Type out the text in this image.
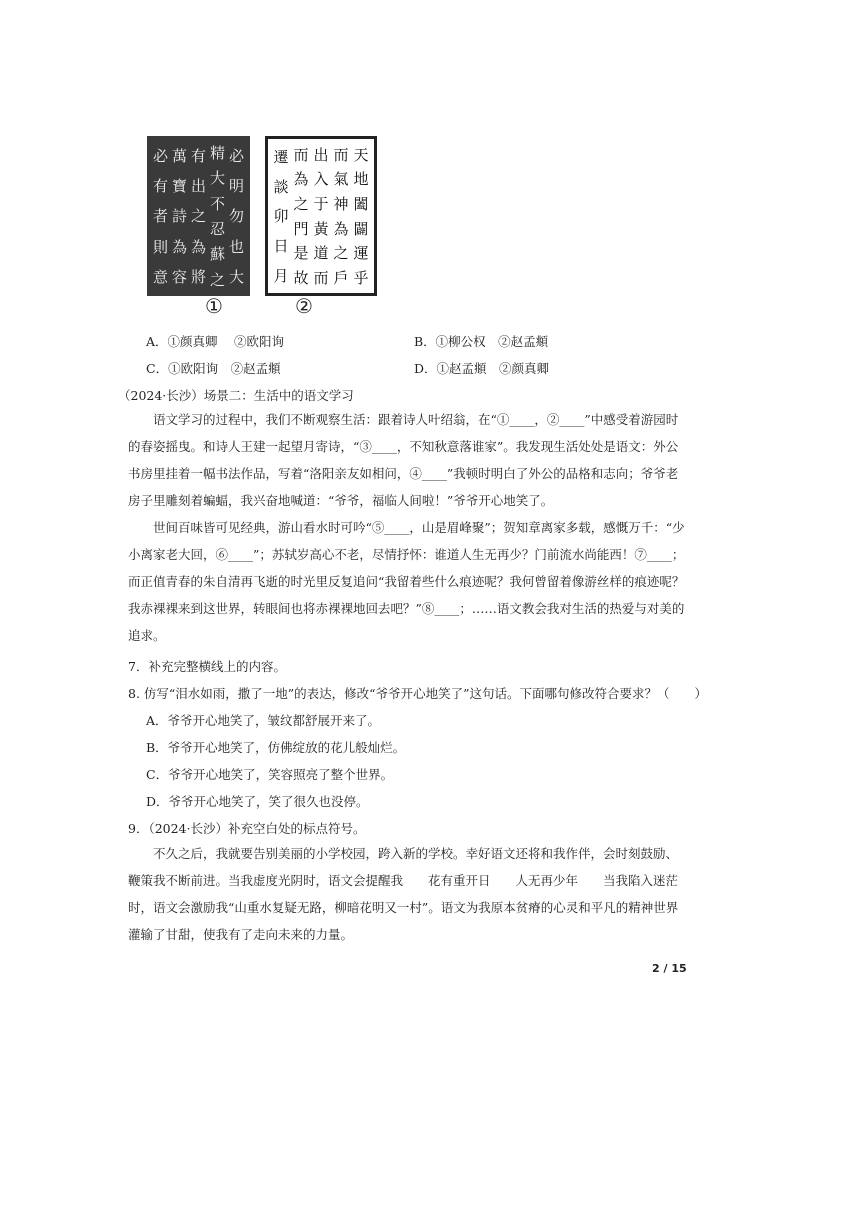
必
明
勿
也
大
精
大
不
忍
蘇
之
有
出
之
為
將
萬
寶
詩
為
容
必
有
者
則
意
①
天
地
闔
闢
運
乎
而
氣
神
為
之
戶
出
入
于
黃
道
而
而
為
之
門
是
故
遷
談
卯
日
月
②
A．①颜真卿　 ②欧阳询	B．①柳公权　②赵孟頫
C．①欧阳询　②赵孟頫	D．①赵孟頫　②颜真卿
（2024·长沙）场景二：生活中的语文学习
语文学习的过程中，我们不断观察生活：跟着诗人叶绍翁，在“①____，②____”中感受着游园时的春姿摇曳。和诗人王建一起望月寄诗，“③____，不知秋意落谁家”。我发现生活处处是语文：外公书房里挂着一幅书法作品，写着“洛阳亲友如相问，④____”我顿时明白了外公的品格和志向；爷爷老房子里雕刻着蝙蝠，我兴奋地喊道：“爷爷，福临人间啦！”爷爷开心地笑了。
世间百味皆可见经典，游山看水时可吟“⑤____，山是眉峰聚”；贺知章离家多载，感慨万千：“少小离家老大回，⑥____”；苏轼岁高心不老，尽情抒怀：谁道人生无再少？门前流水尚能西！⑦____；而正值青春的朱自清再飞逝的时光里反复追问“我留着些什么痕迹呢？我何曾留着像游丝样的痕迹呢？我赤裸裸来到这世界，转眼间也将赤裸裸地回去吧？”⑧____；……语文教会我对生活的热爱与对美的追求。
7．补充完整横线上的内容。
8. 仿写“泪水如雨，撒了一地”的表达，修改“爷爷开心地笑了”这句话。下面哪句修改符合要求？（　　）
A．爷爷开心地笑了，皱纹都舒展开来了。
B．爷爷开心地笑了，仿佛绽放的花儿般灿烂。
C．爷爷开心地笑了，笑容照亮了整个世界。
D．爷爷开心地笑了，笑了很久也没停。
9．（2024·长沙）补充空白处的标点符号。
不久之后，我就要告别美丽的小学校园，跨入新的学校。幸好语文还将和我作伴，会时刻鼓励、鞭策我不断前进。当我虚度光阴时，语文会提醒我　　花有重开日　　人无再少年　　当我陷入迷茫时，语文会激励我“山重水复疑无路，柳暗花明又一村”。语文为我原本贫瘠的心灵和平凡的精神世界灌输了甘甜，使我有了走向未来的力量。
2 / 15
